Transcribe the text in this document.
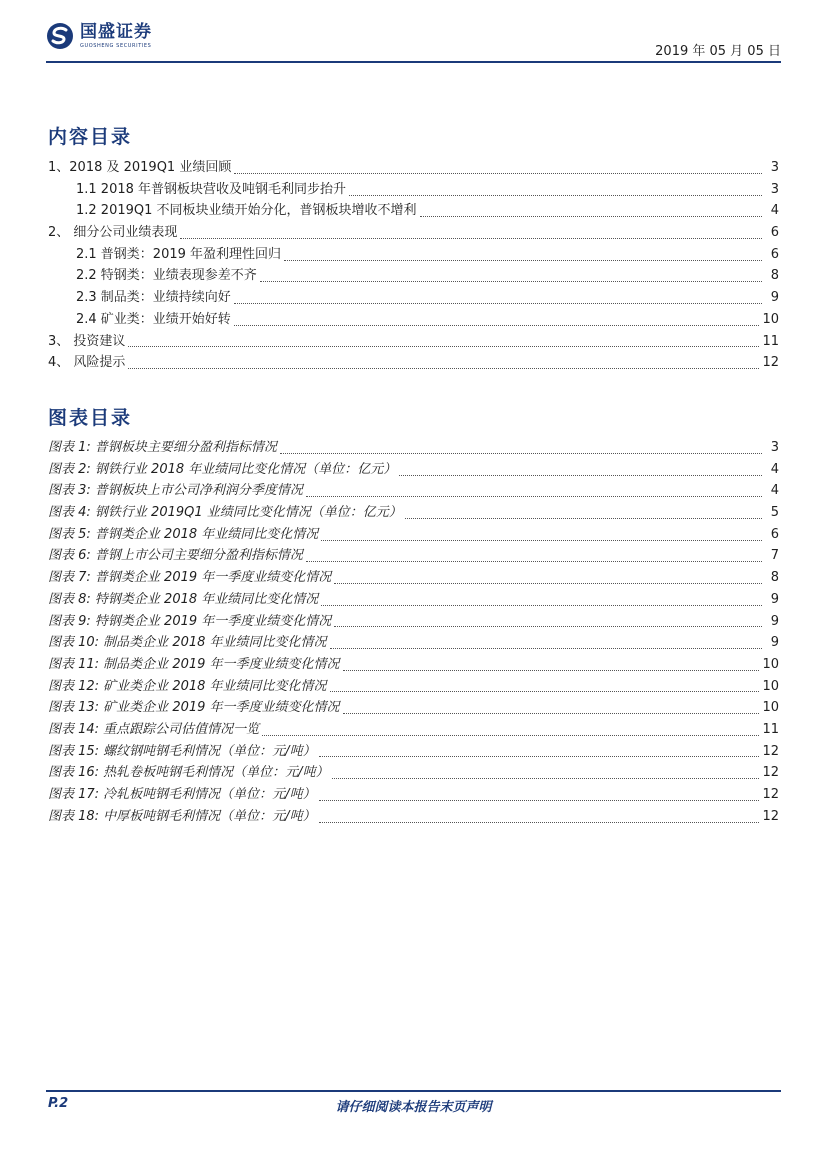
国盛证券
GUOSHENG SECURITIES	2019 年 05 月 05 日
内容目录
1、2018 及 2019Q1 业绩回顾	3
1.1 2018 年普钢板块营收及吨钢毛利同步抬升	3
1.2 2019Q1 不同板块业绩开始分化，普钢板块增收不增利	4
2、 细分公司业绩表现	6
2.1 普钢类：2019 年盈利理性回归	6
2.2 特钢类：业绩表现参差不齐	8
2.3 制品类：业绩持续向好	9
2.4 矿业类：业绩开始好转	10
3、 投资建议	11
4、 风险提示	12
图表目录
图表 1: 普钢板块主要细分盈利指标情况	3
图表 2: 钢铁行业 2018 年业绩同比变化情况（单位：亿元）	4
图表 3: 普钢板块上市公司净利润分季度情况	4
图表 4: 钢铁行业 2019Q1 业绩同比变化情况（单位：亿元）	5
图表 5: 普钢类企业 2018 年业绩同比变化情况	6
图表 6: 普钢上市公司主要细分盈利指标情况	7
图表 7: 普钢类企业 2019 年一季度业绩变化情况	8
图表 8: 特钢类企业 2018 年业绩同比变化情况	9
图表 9: 特钢类企业 2019 年一季度业绩变化情况	9
图表 10: 制品类企业 2018 年业绩同比变化情况	9
图表 11: 制品类企业 2019 年一季度业绩变化情况	10
图表 12: 矿业类企业 2018 年业绩同比变化情况	10
图表 13: 矿业类企业 2019 年一季度业绩变化情况	10
图表 14: 重点跟踪公司估值情况一览	11
图表 15: 螺纹钢吨钢毛利情况（单位：元/吨）	12
图表 16: 热轧卷板吨钢毛利情况（单位：元/吨）	12
图表 17: 冷轧板吨钢毛利情况（单位：元/吨）	12
图表 18: 中厚板吨钢毛利情况（单位：元/吨）	12
P.2	请仔细阅读本报告末页声明
